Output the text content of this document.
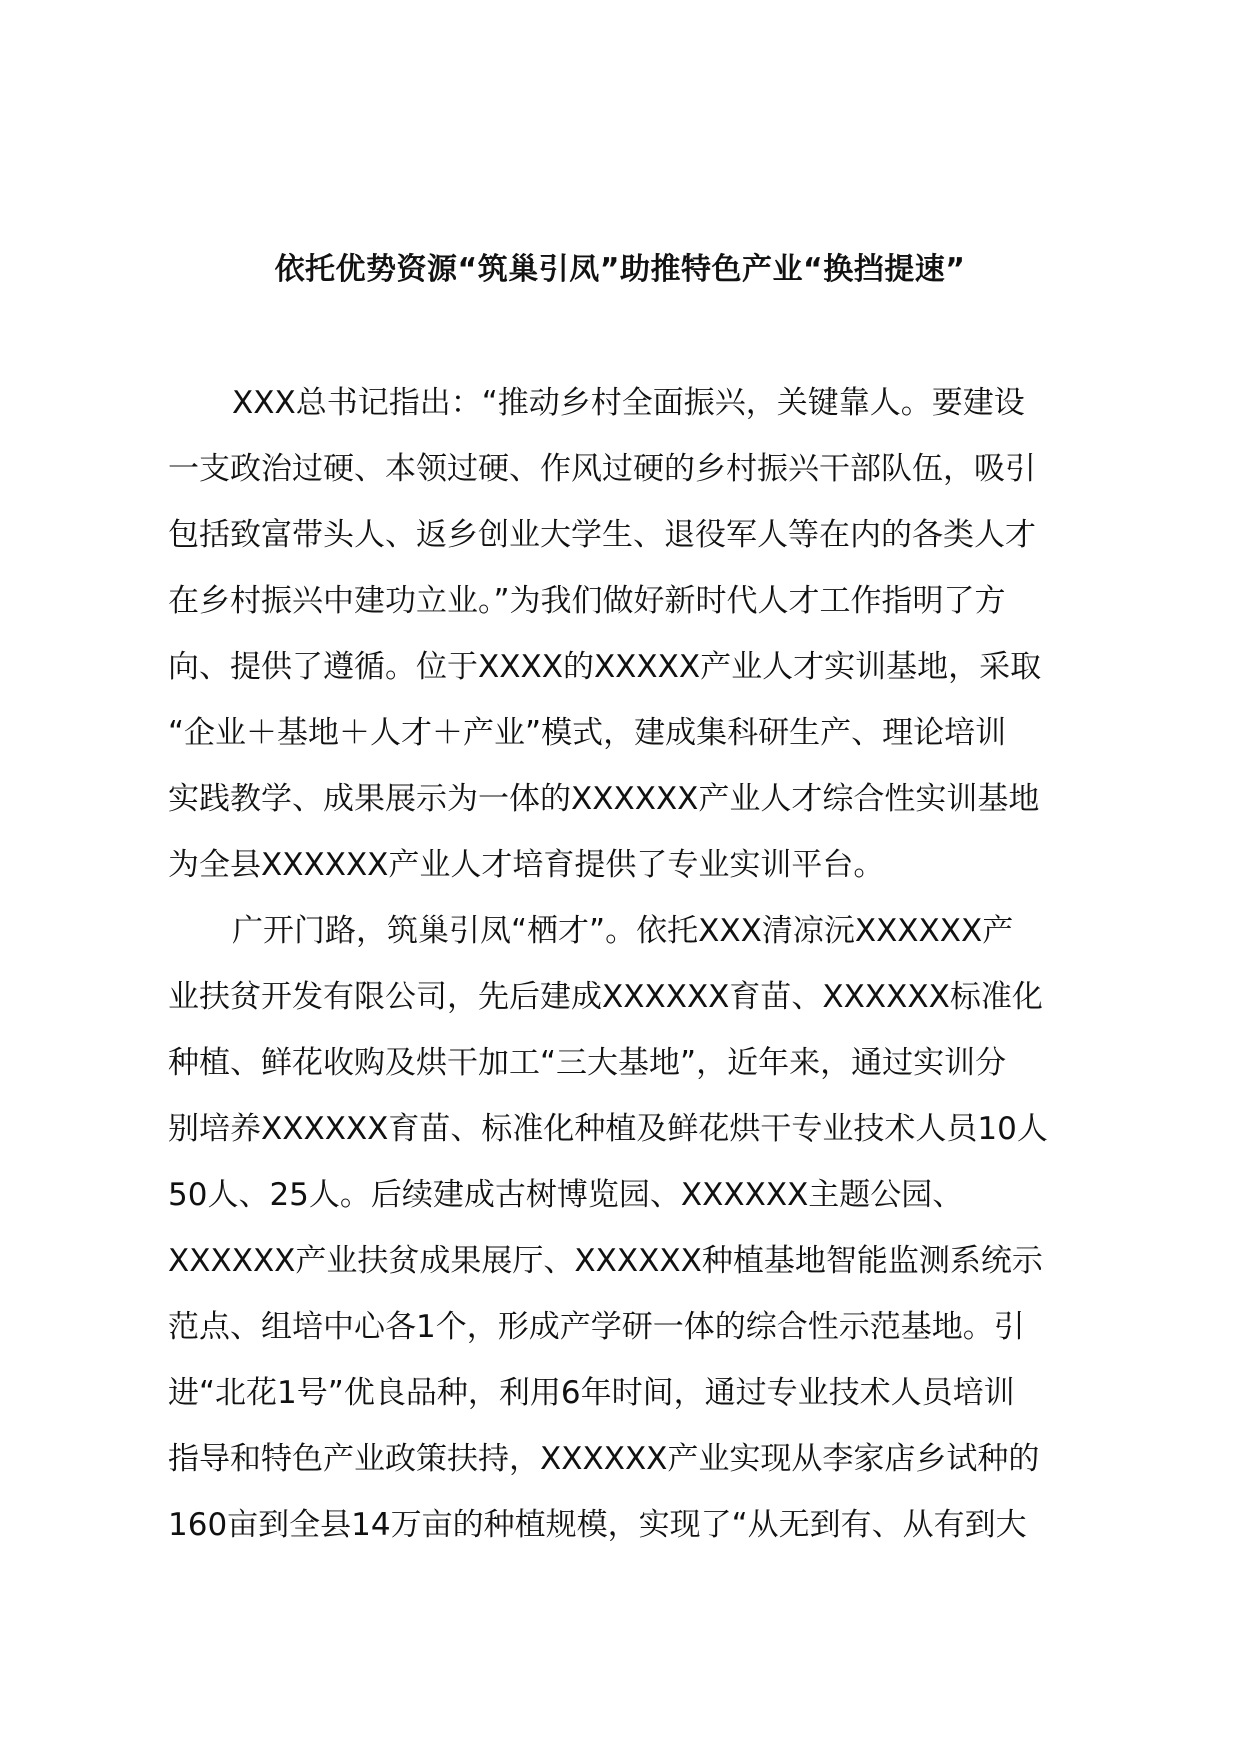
依托优势资源“筑巢引凤”助推特色产业“换挡提速”
XXX总书记指出：“推动乡村全面振兴，关键靠人。要建设
一支政治过硬、本领过硬、作风过硬的乡村振兴干部队伍，吸引
包括致富带头人、返乡创业大学生、退役军人等在内的各类人才
在乡村振兴中建功立业。”为我们做好新时代人才工作指明了方
向、提供了遵循。位于XXXX的XXXXX产业人才实训基地，采取
“企业＋基地＋人才＋产业”模式，建成集科研生产、理论培训
实践教学、成果展示为一体的XXXXXX产业人才综合性实训基地
为全县XXXXXX产业人才培育提供了专业实训平台。
广开门路，筑巢引凤“栖才”。依托XXX清凉沅XXXXXX产
业扶贫开发有限公司，先后建成XXXXXX育苗、XXXXXX标准化
种植、鲜花收购及烘干加工“三大基地”，近年来，通过实训分
别培养XXXXXX育苗、标准化种植及鲜花烘干专业技术人员10人
50人、25人。后续建成古树博览园、XXXXXX主题公园、
XXXXXX产业扶贫成果展厅、XXXXXX种植基地智能监测系统示
范点、组培中心各1个，形成产学研一体的综合性示范基地。引
进“北花1号”优良品种，利用6年时间，通过专业技术人员培训
指导和特色产业政策扶持，XXXXXX产业实现从李家店乡试种的
160亩到全县14万亩的种植规模，实现了“从无到有、从有到大
